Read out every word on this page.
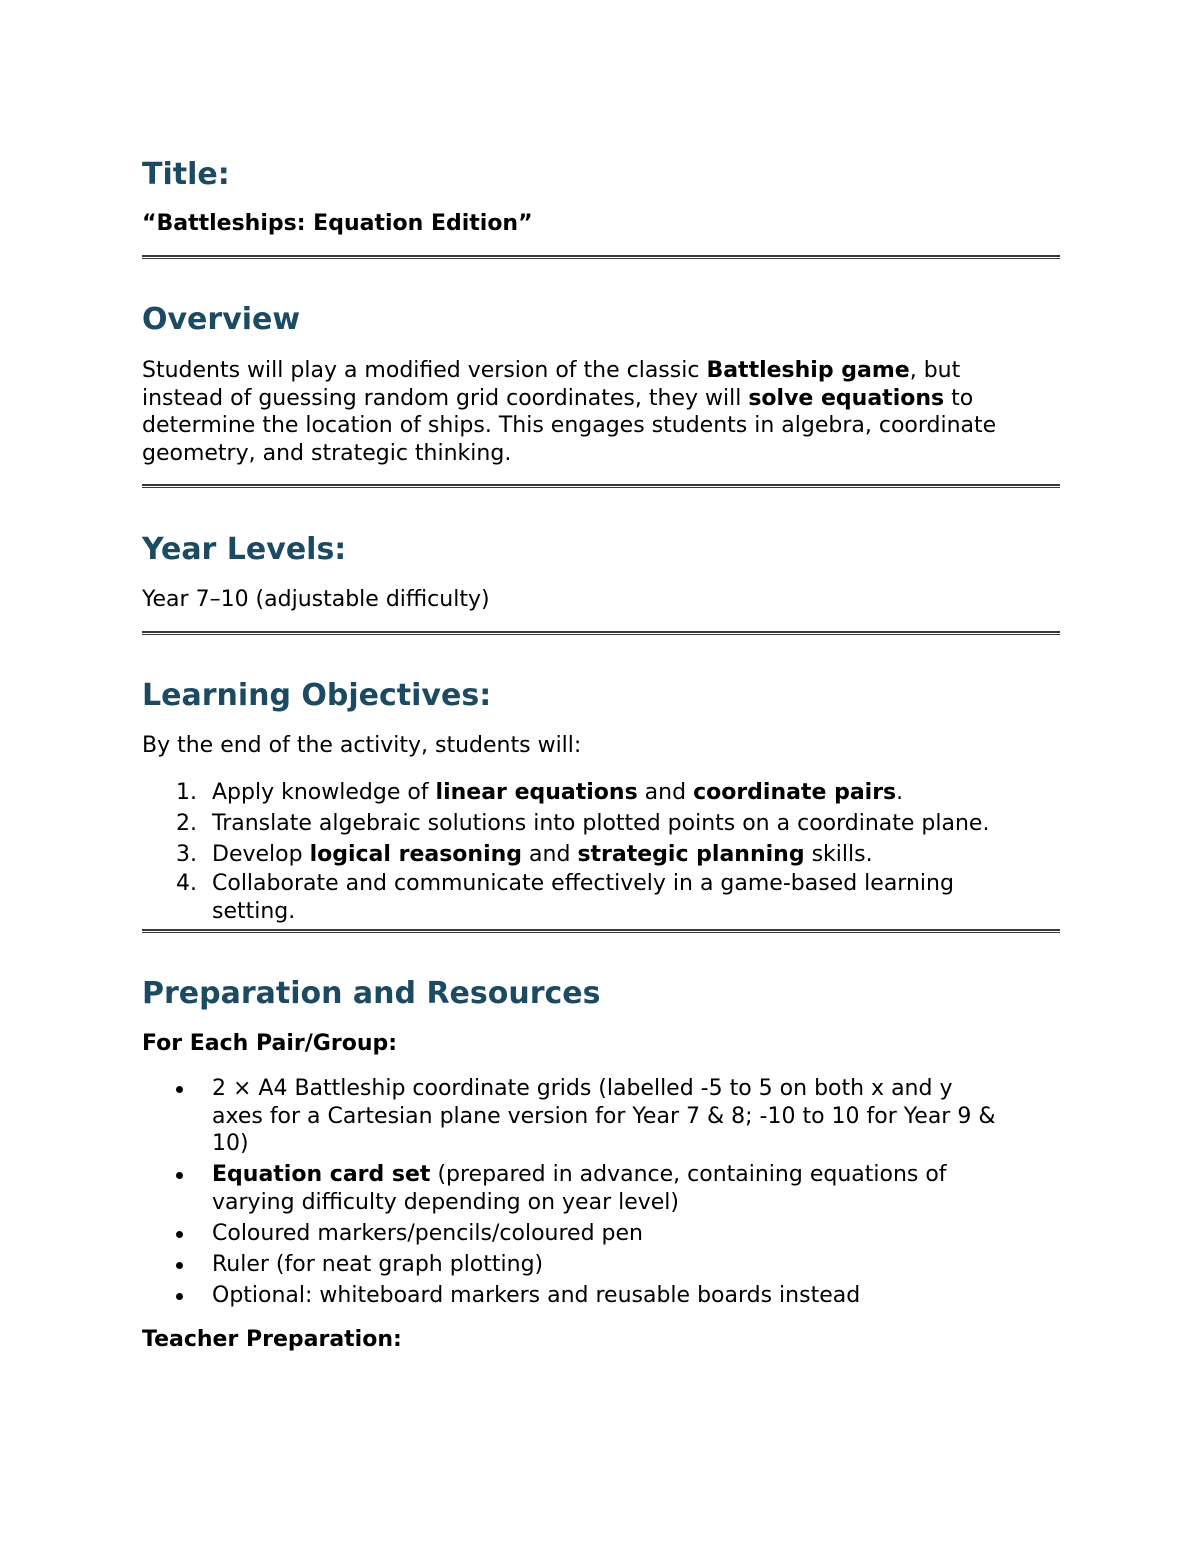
Title:
“Battleships: Equation Edition”
Overview
Students will play a modified version of the classic Battleship game, but
instead of guessing random grid coordinates, they will solve equations to
determine the location of ships. This engages students in algebra, coordinate
geometry, and strategic thinking.
Year Levels:
Year 7–10 (adjustable difficulty)
Learning Objectives:
By the end of the activity, students will:
1. Apply knowledge of linear equations and coordinate pairs.
2. Translate algebraic solutions into plotted points on a coordinate plane.
3. Develop logical reasoning and strategic planning skills.
4. Collaborate and communicate effectively in a game-based learning
setting.
Preparation and Resources
For Each Pair/Group:
2 × A4 Battleship coordinate grids (labelled -5 to 5 on both x and y
axes for a Cartesian plane version for Year 7 & 8; -10 to 10 for Year 9 &
10)
Equation card set (prepared in advance, containing equations of
varying difficulty depending on year level)
Coloured markers/pencils/coloured pen
Ruler (for neat graph plotting)
Optional: whiteboard markers and reusable boards instead
Teacher Preparation:
